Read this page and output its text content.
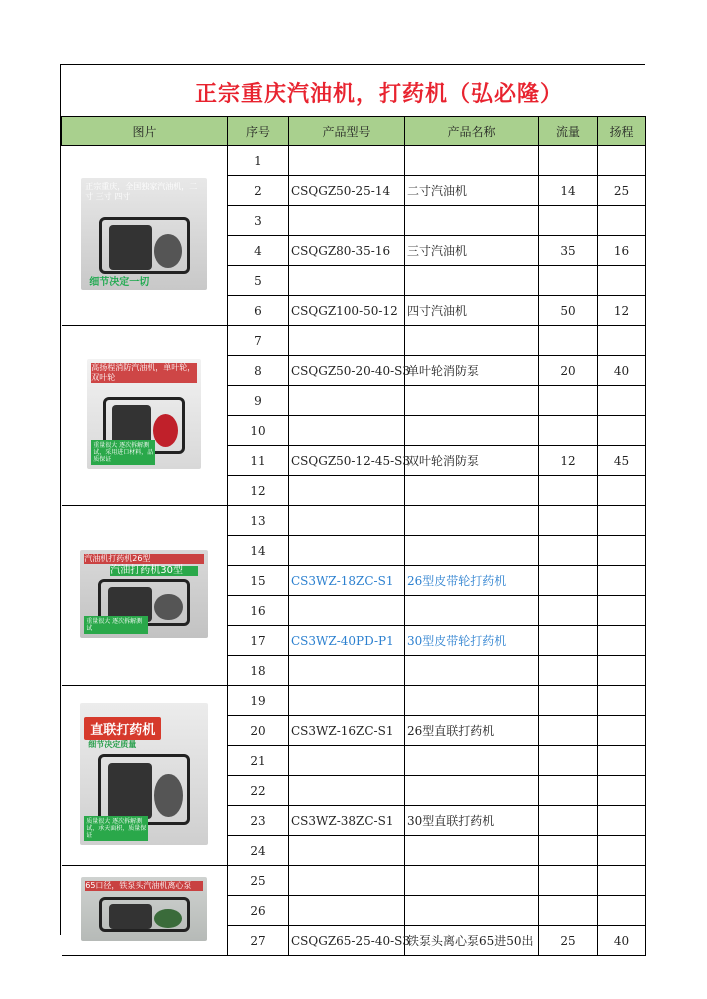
正宗重庆汽油机，打药机（弘必隆）
图片	序号	产品型号	产品名称	流量	扬程

正宗重庆，全国独家汽油机，二寸 三寸 四寸
细节决定一切	1				
	2	CSQGZ50-25-14	二寸汽油机	14	25
	3				
	4	CSQGZ80-35-16	三寸汽油机	35	16
	5				
	6	CSQGZ100-50-12	四寸汽油机	50	12

高扬程消防汽油机，单叶轮，双叶轮
重量很大 逐次拆解测试，采用进口材料，品质保证	7				
	8	CSQGZ50-20-40-S3	单叶轮消防泵	20	40
	9				
	10				
	11	CSQGZ50-12-45-S3	双叶轮消防泵	12	45
	12				

汽油机打药机26型
汽油打药机30型
重量很大 逐次拆解测试	13				
	14				
	15	CS3WZ-18ZC-S1	26型皮带轮打药机		
	16				
	17	CS3WZ-40PD-P1	30型皮带轮打药机		
	18				

直联打药机
细节决定质量
质量很大 逐次拆解测试，承天面积，质量保证	19				
	20	CS3WZ-16ZC-S1	26型直联打药机		
	21				
	22				
	23	CS3WZ-38ZC-S1	30型直联打药机		
	24				

65口径，铁泵头汽油机离心泵	25				
	26				
	27	CSQGZ65-25-40-S3	铁泵头离心泵65进50出	25	40
